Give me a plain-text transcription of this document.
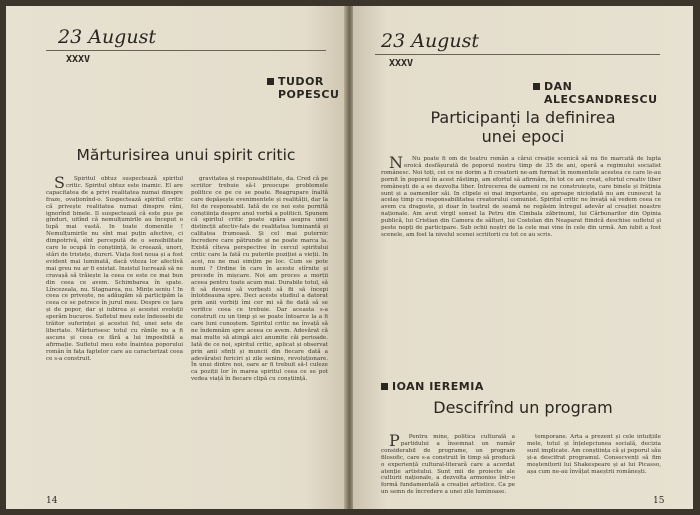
23 August
XXXV
TUDOR
POPESCU
Mărturisirea unui spirit critic

S Spiritul obtuz suspectează spiritul critic. Spiritul obtuz este inamic. El are capacitatea de a privi realitatea numai dinspre fraze, ovaționînd-o. Suspectează spiritul critic că privește realitatea numai dinspre răni, ignorînd binele. Il suspectează că este pus pe gînduri, uitînd că nemulțumirile au început o lupă mai vastă. In toate domeniile ! Nemulțumirile nu sînt mai puțin afective, ci dimpotrivă, sînt percepută de o sensibilitate care le ocupă în conștiință, le creează, unori, stări de tristețe, dureri. Viața fost noua și a fost evident mai luminată, dacă viteza lor afectivă mai greu nu ar fi existat. Insistul lucrează să ne cravașă să trăiește la ceea ce este ce mai bun din ceea ce avem. Schimbarea în spate. Lîncezeala, nu. Stagnarea, nu. Mințe seniu ! In ceea ce privește, ne adăugăm să participăm la ceea ce se petrece în jurul meu. Despre ce țara și de popor, dar și iubirea și acestei evoluții sperăm bucuros. Sufletul meu este îndeosebi de trăitor suferinței și acestui fel, unei sete de libertate. Mărturisesc totul cu rănile nu a fi ascuns și ceea ce fără a lui imposibilă a afirmație. Sufletul meu este înaintea poporului român în fața faptelor care au caracterizat ceea ce s-a construit.

gravitatea și responsabilitate, da. Cred că pe scriitor trebuie să-l preocupe problemele politice ce pe ce se poate. Reagrupare înaltă care depășește evenimentele și realității, dar la fel de responsabil. Iată de ce noi este pornită conștiința despre anul vorbă a politicii. Spunem că spiritul critic poate spăra asupra unei distincții afectiv-fals de realitatea luminantă și calitatea frumoasă. Și cel mai puternic încredere care pătrunde și ne poate marca la. Există cîteva perspective în cercul spiritului critic care la fată cu puterile poziției a vieții. In acei, nu ne mai simțim pe loc. Cum se pote numi ? Ordine în care în aceste stîrnite și precede în mișcare. Noi am proces a morții aceea pentru toate acum mai. Durabile totul, să fi să deveni să vorbești să fii să începi întotdeauna spre. Deci aceste studiul a datorat prin anii vorbiți îmi cer mi să fie dată să se verifice ceea ce trebuie. Dar aceasta s-a construit cu un timp și se poate întoarce la a fi care luni cunoștem. Spiritul critic ne învață să ne îndemnăm spre aceea ce avem. Adevărat că mai multe să atingă aici anumite căi perioade. Iată de ce noi, spiritul critic, aplicat și observat prin anii sfinți și muncii din fiecare dată a adevăratei fericiri și zile senine, revoluționare. În unui dintre noi, oare ar fi trebuit să-l culeze ca poziții lor în marea spiritul ceea ce se pot vedea viață în fiecare clipă cu conștiință.

14
23 August
XXXV
DAN
ALECSANDRESCU
Participanți la definirea
unei epoci

N Nu poate fi om de teatru român a cărui creație scenică să nu fie marcată de lupta eroică desfășurată de poporul nostru timp de 35 de ani, operă a regimului socialist românesc. Noi toți, cei ce ne dorim a fi creatorii ne-am format în momentele acestea ce care le-au pornit în poporul în acest răstimp, am efortul să afirmăm, în tot ce am creat, efortul creativ liber românești de a se dezvolta liber. Întrecerea de oameni ce ne construiește, care binele și frăținia sunt și a oamenilor săi. In clipele ei mai importante, eu aproape niciodată nu am cunoscut la acelaș timp cu responsabilitatea creatorului comunist. Spiritul critic ne învață să vedem ceea ce avem cu dragoste, și doar în teatrul de seamă ne regăsim întregul adevăr al creației noastre naționale. Am avut virgil sonsel la Petru din Cimbala zăbrinuml, lui Cărbunarilor din Opinia publică, lui Cristian din Camera de sălturi, lui Costolan din Neaparat fiindcă deschise sufletul și peste nopți de participare. Sub ochii noștri de la cele mai vine în cele din urmă. Am iubit a fost scenele, am fost la nivelul scenei scriitorii cu tot ce au scris.

IOAN IEREMIA
Descifrînd un program

P Pentru mine, politica culturală a partidului a însemnat un număr considerabil de programe, un program filosofic, care s-a construit în timp să producă o experiență cultural-literară care a acordat atenție artistului. Sunt mii de proiecte ale culturii naționale, a dezvolta armonios într-o formă fundamentală a creației artistice. Ca pe un semn de încredere a unei zile luminoase.

temporane. Arta a prezent și cele intuițiile mele, totul și înțelepciunea socială, decizia sunt implicate. Am conștiința că și poporul său și-a descifrat programul. Consecvenți să fim moștenitorii lui Shakespeare și ai lui Picasso, așa cum ne-au învățat maeștrii românești.

15
